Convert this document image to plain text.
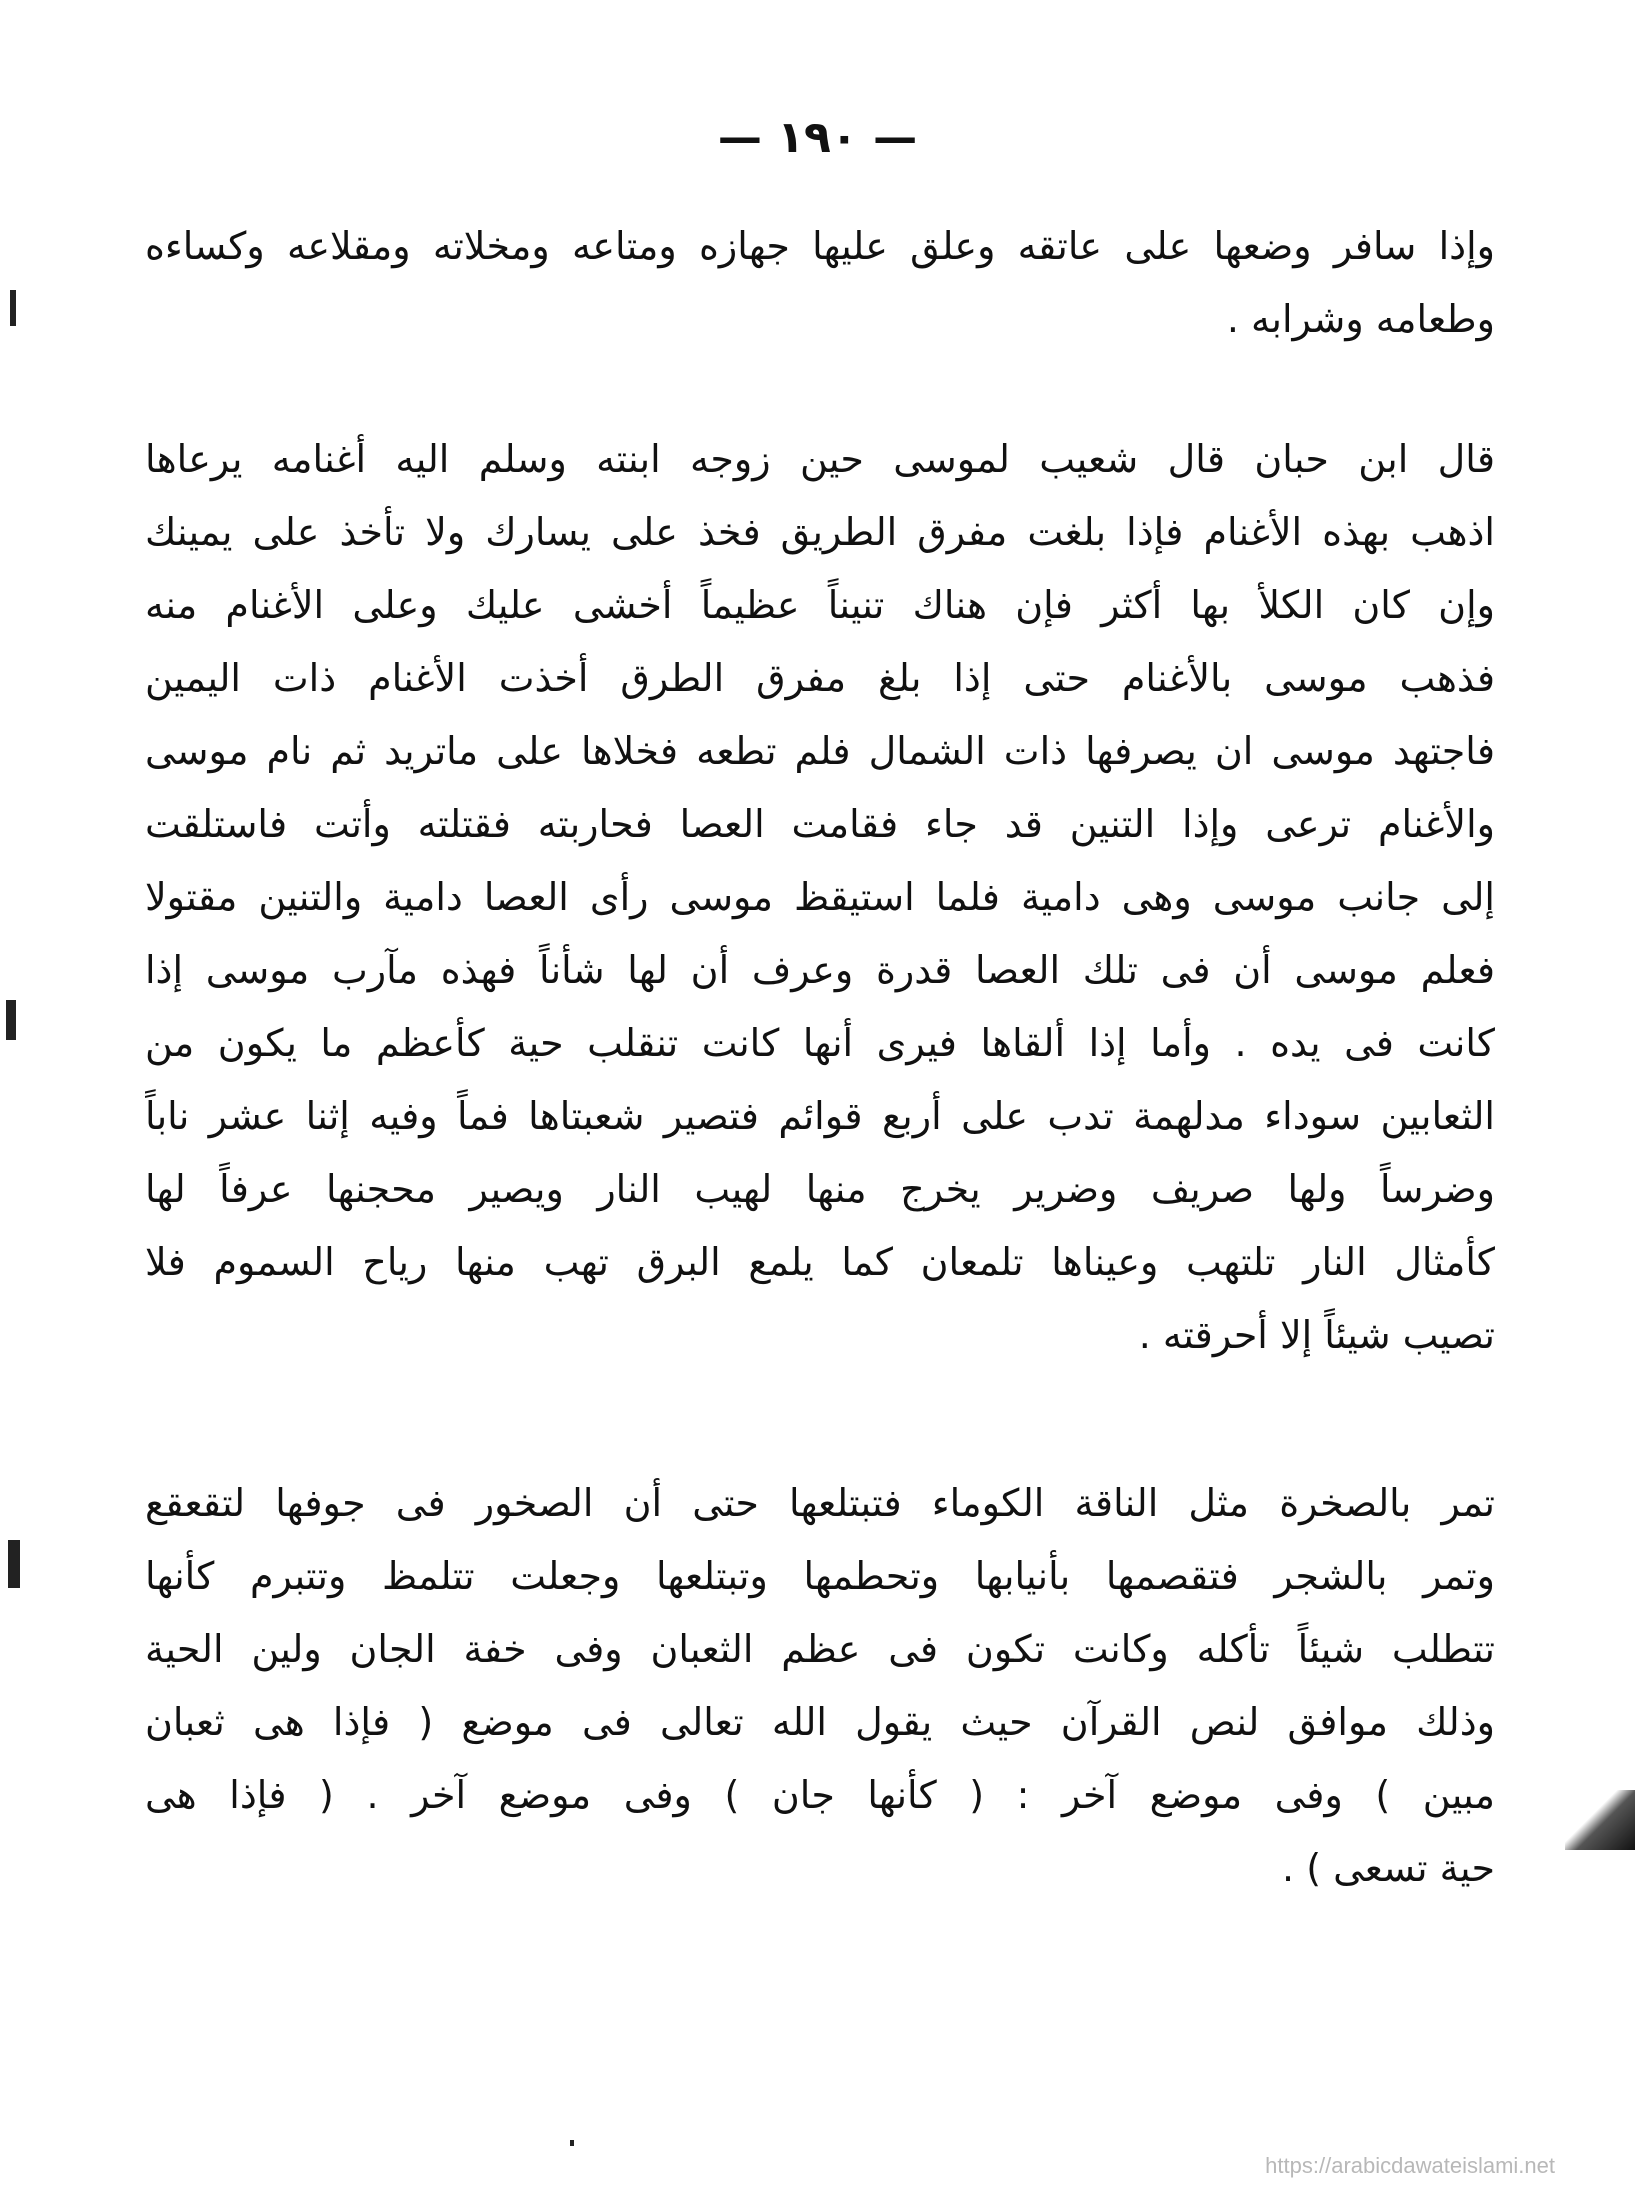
— ١٩٠ —
وإذا سافر وضعها على عاتقه وعلق عليها جهازه ومتاعه ومخلاته ومقلاعه وكساءه
وطعامه وشرابه .
قال ابن حبان قال شعيب لموسى حين زوجه ابنته وسلم اليه أغنامه يرعاها
اذهب بهذه الأغنام فإذا بلغت مفرق الطريق فخذ على يسارك ولا تأخذ على يمينك
وإن كان الكلأ بها أكثر فإن هناك تنيناً عظيماً أخشى عليك وعلى الأغنام منه
فذهب موسى بالأغنام حتى إذا بلغ مفرق الطرق أخذت الأغنام ذات اليمين
فاجتهد موسى ان يصرفها ذات الشمال فلم تطعه فخلاها على ماتريد ثم نام موسى
والأغنام ترعى وإذا التنين قد جاء فقامت العصا فحاربته فقتلته وأتت فاستلقت
إلى جانب موسى وهى دامية فلما استيقظ موسى رأى العصا دامية والتنين مقتولا
فعلم موسى أن فى تلك العصا قدرة وعرف أن لها شأناً فهذه مآرب موسى إذا
كانت فى يده . وأما إذا ألقاها فيرى أنها كانت تنقلب حية كأعظم ما يكون من
الثعابين سوداء مدلهمة تدب على أربع قوائم فتصير شعبتاها فماً وفيه إثنا عشر ناباً
وضرساً ولها صريف وضرير يخرج منها لهيب النار ويصير محجنها عرفاً لها
كأمثال النار تلتهب وعيناها تلمعان كما يلمع البرق تهب منها رياح السموم فلا
تصيب شيئاً إلا أحرقته .
تمر بالصخرة مثل الناقة الكوماء فتبتلعها حتى أن الصخور فى جوفها لتقعقع
وتمر بالشجر فتقصمها بأنيابها وتحطمها وتبتلعها وجعلت تتلمظ وتتبرم كأنها
تتطلب شيئاً تأكله وكانت تكون فى عظم الثعبان وفى خفة الجان ولين الحية
وذلك موافق لنص القرآن حيث يقول الله تعالى فى موضع ( فإذا هى ثعبان
مبين ) وفى موضع آخر : ( كأنها جان ) وفى موضع آخر . ( فإذا هى
حية تسعى ) .
https://arabicdawateislami.net
